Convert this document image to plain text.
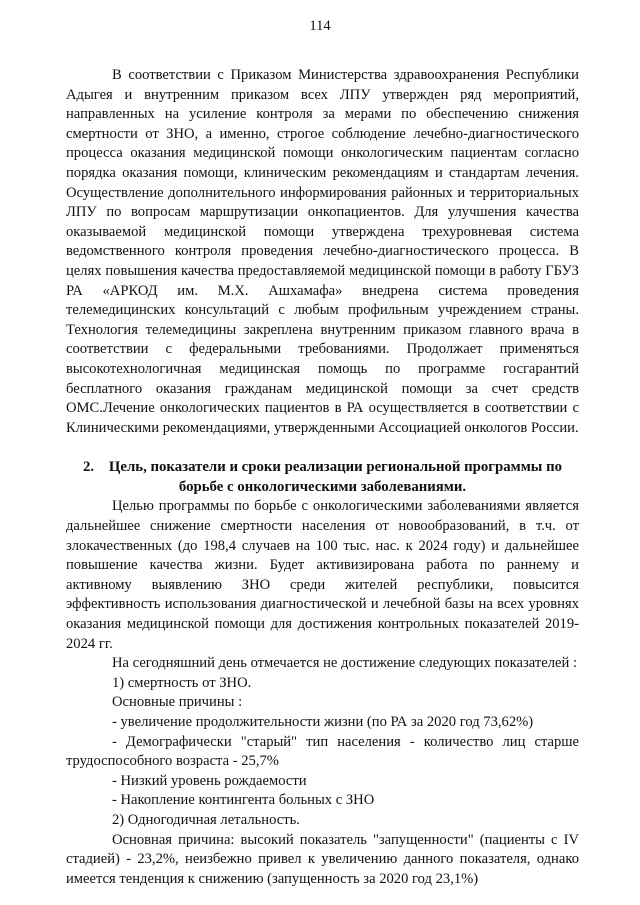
114

В соответствии с Приказом Министерства здравоохранения Республики Адыгея и внутренним приказом всех ЛПУ утвержден ряд мероприятий, направленных на усиление контроля за мерами по обеспечению снижения смертности от ЗНО, а именно, строгое соблюдение лечебно-диагностического процесса оказания медицинской помощи онкологическим пациентам согласно порядка оказания помощи, клиническим рекомендациям и стандартам лечения. Осуществление дополнительного информирования районных и территориальных ЛПУ по вопросам маршрутизации онкопациентов. Для улучшения качества оказываемой медицинской помощи утверждена трехуровневая система ведомственного контроля проведения лечебно-диагностического процесса. В целях повышения качества предоставляемой медицинской помощи в работу ГБУЗ РА «АРКОД им. М.Х. Ашхамафа» внедрена система проведения телемедицинских консультаций с любым профильным учреждением страны. Технология телемедицины закреплена внутренним приказом главного врача в соответствии с федеральными требованиями. Продолжает применяться высокотехнологичная медицинская помощь по программе госгарантий бесплатного оказания гражданам медицинской помощи за счет средств ОМС.Лечение онкологических пациентов в РА осуществляется в соответствии с Клиническими рекомендациями, утвержденными Ассоциацией онкологов России.

2. Цель, показатели и сроки реализации региональной программы по борьбе с онкологическими заболеваниями.

Целью программы по борьбе с онкологическими заболеваниями является дальнейшее снижение смертности населения от новообразований, в т.ч. от злокачественных (до 198,4 случаев на 100 тыс. нас. к 2024 году) и дальнейшее повышение качества жизни. Будет активизирована работа по раннему и активному выявлению ЗНО среди жителей республики, повысится эффективность использования диагностической и лечебной базы на всех уровнях оказания медицинской помощи для достижения контрольных показателей 2019-2024 гг.

На сегодняшний день отмечается не достижение следующих показателей :

1) смертность от ЗНО.

Основные причины :

- увеличение продолжительности жизни (по РА за 2020 год 73,62%)

- Демографически "старый" тип населения - количество лиц старше трудоспособного возраста - 25,7%

- Низкий уровень рождаемости

- Накопление контингента больных с ЗНО

2) Одногодичная летальность.

Основная причина: высокий показатель "запущенности" (пациенты с IV стадией) - 23,2%, неизбежно привел к увеличению данного показателя, однако имеется тенденция к снижению (запущенность за 2020 год 23,1%)
